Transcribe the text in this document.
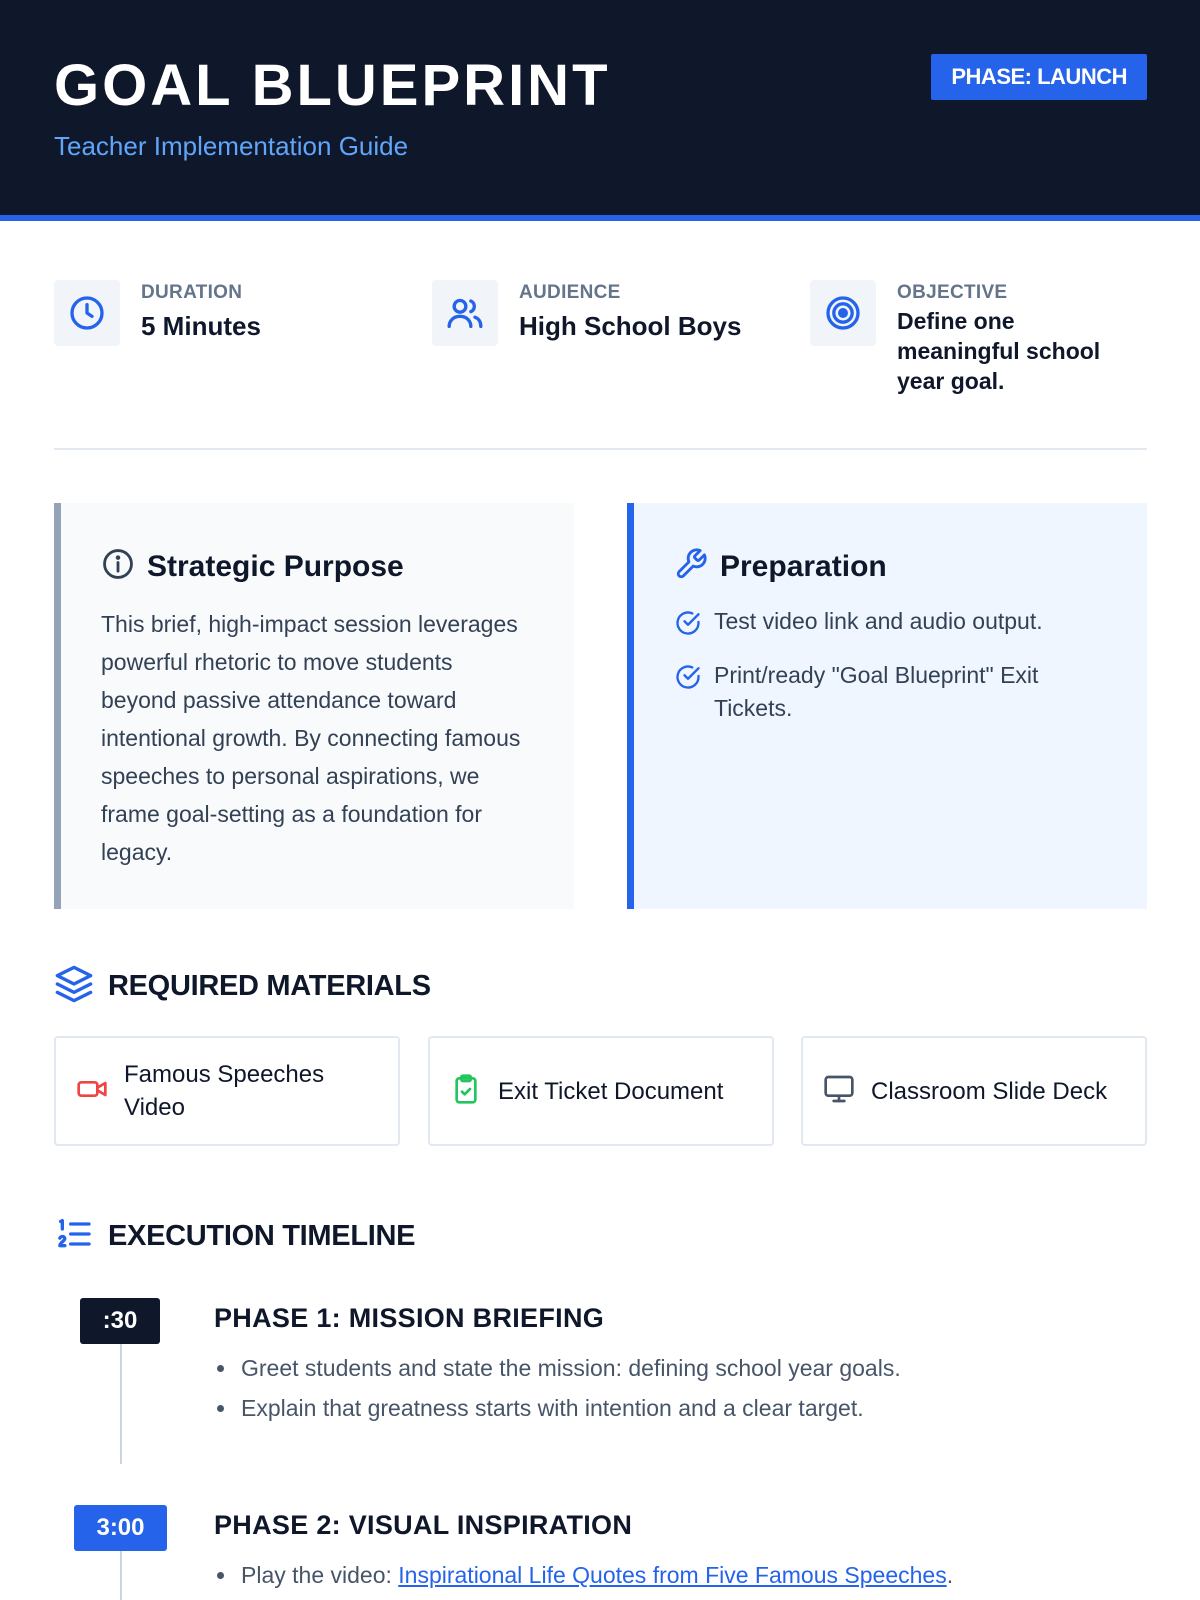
GOAL BLUEPRINT
Teacher Implementation Guide
PHASE: LAUNCH
DURATION
5 Minutes
AUDIENCE
High School Boys
OBJECTIVE
Define one meaningful school year goal.
Strategic Purpose

This brief, high-impact session leverages powerful rhetoric to move students beyond passive attendance toward intentional growth. By connecting famous speeches to personal aspirations, we frame goal-setting as a foundation for legacy.

Preparation
Test video link and audio output.
Print/ready "Goal Blueprint" Exit Tickets.
REQUIRED MATERIALS
Famous Speeches Video
Exit Ticket Document	Classroom Slide Deck
EXECUTION TIMELINE
:30	PHASE 1: MISSION BRIEFING
Greet students and state the mission: defining school year goals.
Explain that greatness starts with intention and a clear target.
3:00	PHASE 2: VISUAL INSPIRATION
Play the video: Inspirational Life Quotes from Five Famous Speeches.
